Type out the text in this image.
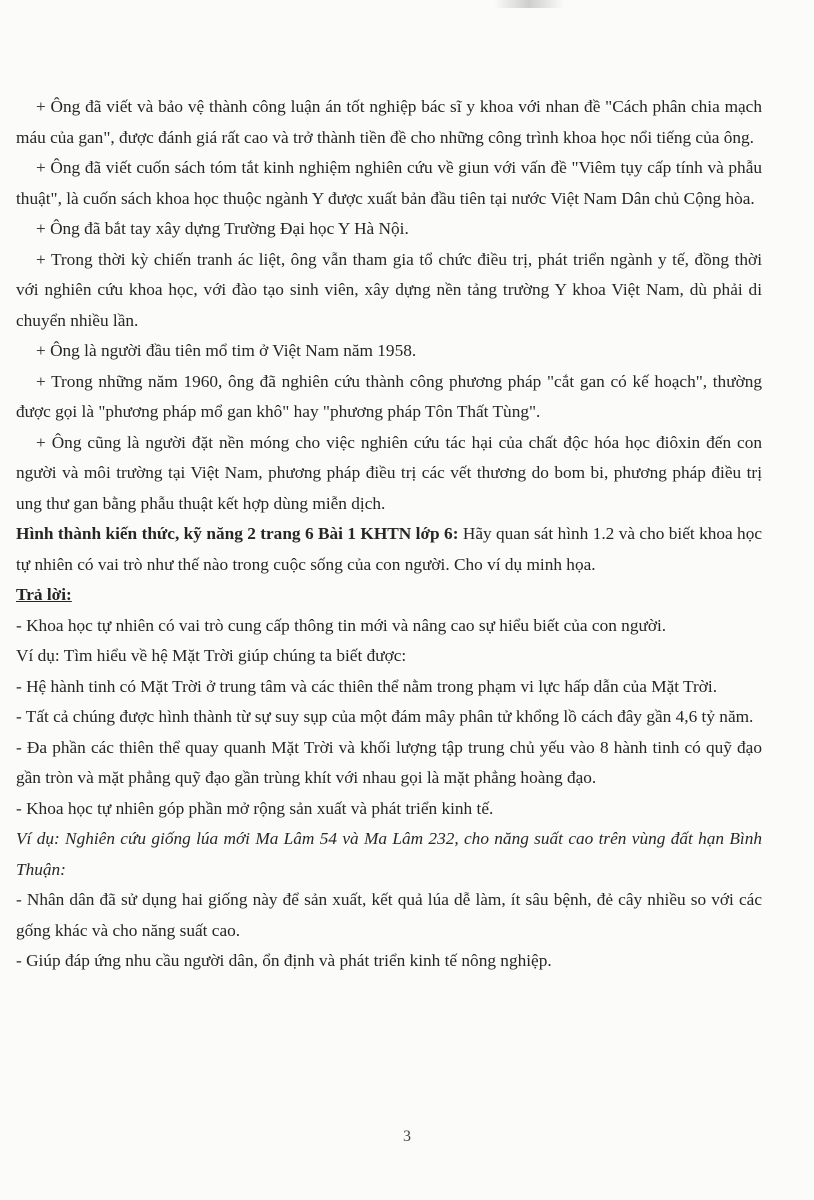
+ Ông đã viết và bảo vệ thành công luận án tốt nghiệp bác sĩ y khoa với nhan đề "Cách phân chia mạch máu của gan", được đánh giá rất cao và trở thành tiền đề cho những công trình khoa học nổi tiếng của ông.

+ Ông đã viết cuốn sách tóm tắt kinh nghiệm nghiên cứu về giun với vấn đề "Viêm tụy cấp tính và phẫu thuật", là cuốn sách khoa học thuộc ngành Y được xuất bản đầu tiên tại nước Việt Nam Dân chủ Cộng hòa.

+ Ông đã bắt tay xây dựng Trường Đại học Y Hà Nội.

+ Trong thời kỳ chiến tranh ác liệt, ông vẫn tham gia tổ chức điều trị, phát triển ngành y tế, đồng thời với nghiên cứu khoa học, với đào tạo sinh viên, xây dựng nền tảng trường Y khoa Việt Nam, dù phải di chuyển nhiều lần.

+ Ông là người đầu tiên mổ tim ở Việt Nam năm 1958.

+ Trong những năm 1960, ông đã nghiên cứu thành công phương pháp "cắt gan có kế hoạch", thường được gọi là "phương pháp mổ gan khô" hay "phương pháp Tôn Thất Tùng".

+ Ông cũng là người đặt nền móng cho việc nghiên cứu tác hại của chất độc hóa học điôxin đến con người và môi trường tại Việt Nam, phương pháp điều trị các vết thương do bom bi, phương pháp điều trị ung thư gan bằng phẫu thuật kết hợp dùng miễn dịch.

Hình thành kiến thức, kỹ năng 2 trang 6 Bài 1 KHTN lớp 6: Hãy quan sát hình 1.2 và cho biết khoa học tự nhiên có vai trò như thế nào trong cuộc sống của con người. Cho ví dụ minh họa.

Trả lời:

- Khoa học tự nhiên có vai trò cung cấp thông tin mới và nâng cao sự hiểu biết của con người.

Ví dụ: Tìm hiểu về hệ Mặt Trời giúp chúng ta biết được:

- Hệ hành tinh có Mặt Trời ở trung tâm và các thiên thể nằm trong phạm vi lực hấp dẫn của Mặt Trời.

- Tất cả chúng được hình thành từ sự suy sụp của một đám mây phân tử khổng lồ cách đây gần 4,6 tỷ năm.

- Đa phần các thiên thể quay quanh Mặt Trời và khối lượng tập trung chủ yếu vào 8 hành tinh có quỹ đạo gần tròn và mặt phẳng quỹ đạo gần trùng khít với nhau gọi là mặt phẳng hoàng đạo.

- Khoa học tự nhiên góp phần mở rộng sản xuất và phát triển kinh tế.

Ví dụ: Nghiên cứu giống lúa mới Ma Lâm 54 và Ma Lâm 232, cho năng suất cao trên vùng đất hạn Bình Thuận:

- Nhân dân đã sử dụng hai giống này để sản xuất, kết quả lúa dễ làm, ít sâu bệnh, đẻ cây nhiều so với các gống khác và cho năng suất cao.

- Giúp đáp ứng nhu cầu người dân, ổn định và phát triển kinh tế nông nghiệp.

3
